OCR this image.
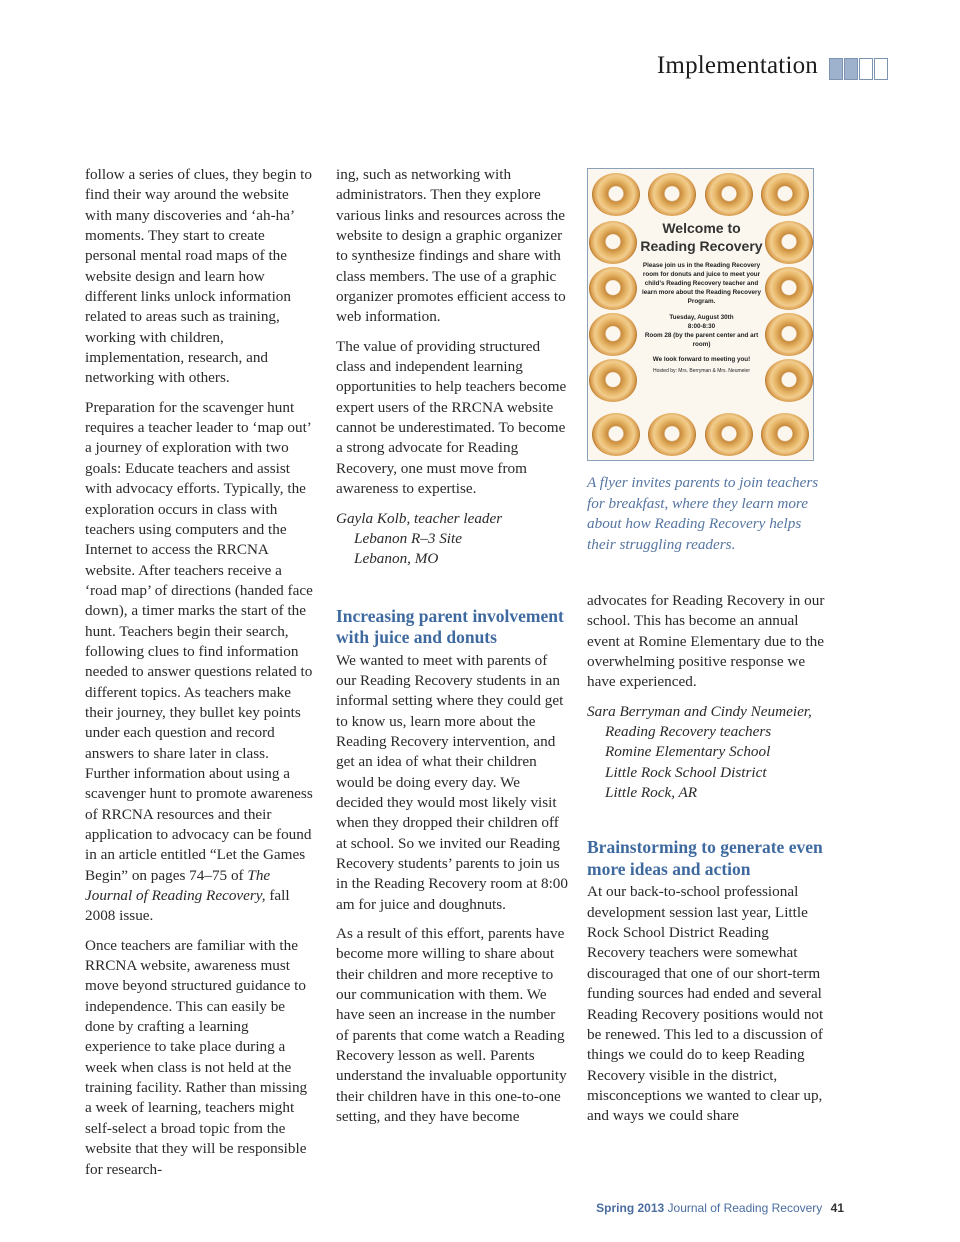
Implementation

follow a series of clues, they begin to find their way around the website with many discoveries and ‘ah-ha’ moments. They start to create personal mental road maps of the website design and learn how different links unlock information related to areas such as training, working with children, implementation, research, and networking with others.

Preparation for the scavenger hunt requires a teacher leader to ‘map out’ a journey of exploration with two goals: Educate teachers and assist with advocacy efforts. Typically, the exploration occurs in class with teachers using computers and the Internet to access the RRCNA website. After teachers receive a ‘road map’ of directions (handed face down), a timer marks the start of the hunt. Teachers begin their search, following clues to find information needed to answer questions related to different topics. As teachers make their journey, they bullet key points under each question and record answers to share later in class. Further information about using a scavenger hunt to promote awareness of RRCNA resources and their application to advocacy can be found in an article entitled “Let the Games Begin” on pages 74–75 of The Journal of Reading Recovery, fall 2008 issue.

Once teachers are familiar with the RRCNA website, awareness must move beyond structured guidance to independence. This can easily be done by crafting a learning experience to take place during a week when class is not held at the training facility. Rather than missing a week of learning, teachers might self-select a broad topic from the website that they will be responsible for research-

ing, such as networking with administrators. Then they explore various links and resources across the website to design a graphic organizer to synthesize findings and share with class members. The use of a graphic organizer promotes efficient access to web information.

The value of providing structured class and independent learning opportunities to help teachers become expert users of the RRCNA website cannot be underestimated. To become a strong advocate for Reading Recovery, one must move from awareness to expertise.

Gayla Kolb, teacher leader
Lebanon R–3 Site
Lebanon, MO
Increasing parent involvement with juice and donuts

We wanted to meet with parents of our Reading Recovery students in an informal setting where they could get to know us, learn more about the Reading Recovery intervention, and get an idea of what their children would be doing every day. We decided they would most likely visit when they dropped their children off at school. So we invited our Reading Recovery students’ parents to join us in the Reading Recovery room at 8:00 am for juice and doughnuts.

As a result of this effort, parents have become more willing to share about their children and more receptive to our communication with them. We have seen an increase in the number of parents that come watch a Reading Recovery lesson as well. Parents understand the invaluable opportunity their children have in this one-to-one setting, and they have become

Welcome to
Reading Recovery
Please join us in the Reading Recovery room for donuts and juice to meet your child’s Reading Recovery teacher and learn more about the Reading Recovery Program.
Tuesday, August 30th
8:00-8:30
Room 28 (by the parent center and art room)
We look forward to meeting you!
Hosted by: Mrs. Berryman & Mrs. Neumeier
A flyer invites parents to join teachers for breakfast, where they learn more about how Reading Recovery helps their struggling readers.

advocates for Reading Recovery in our school. This has become an annual event at Romine Elementary due to the overwhelming positive response we have experienced.

Sara Berryman and Cindy Neumeier,
Reading Recovery teachers
Romine Elementary School
Little Rock School District
Little Rock, AR
Brainstorming to generate even more ideas and action

At our back-to-school professional development session last year, Little Rock School District Reading Recovery teachers were somewhat discouraged that one of our short-term funding sources had ended and several Reading Recovery positions would not be renewed. This led to a discussion of things we could do to keep Reading Recovery visible in the district, misconceptions we wanted to clear up, and ways we could share

Spring 2013 Journal of Reading Recovery 41
